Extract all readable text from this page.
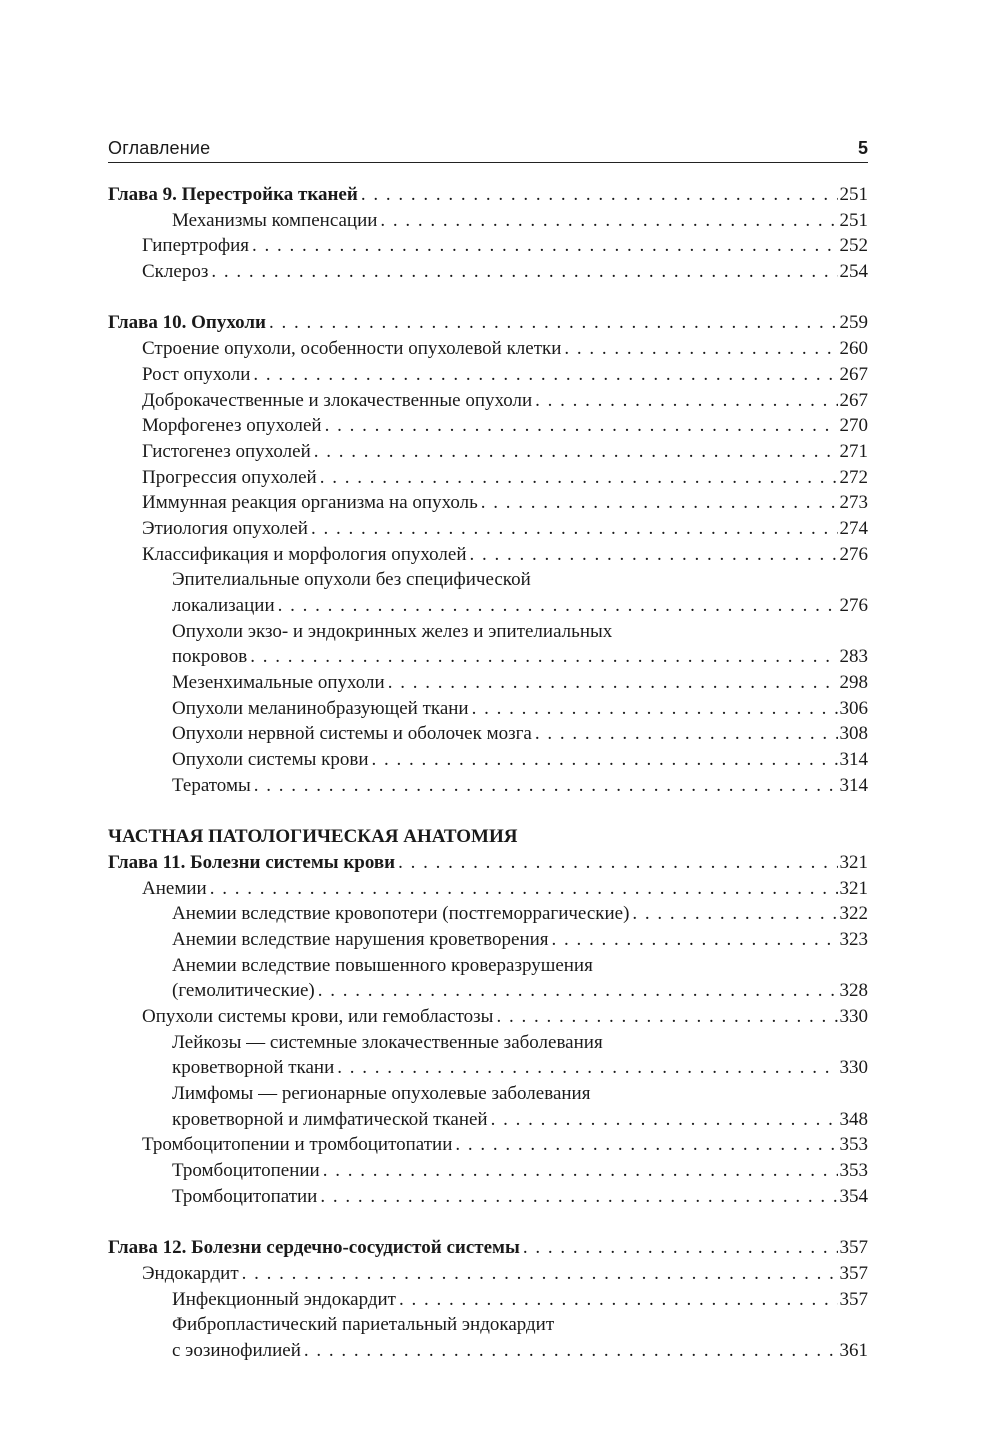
Оглавление	5
Глава 9. Перестройка тканей . . .	251
Механизмы компенсации . . .	251
Гипертрофия . . .	252
Склероз . . .	254
Глава 10. Опухоли . . .	259
Строение опухоли, особенности опухолевой клетки . . .	260
Рост опухоли . . .	267
Доброкачественные и злокачественные опухоли . . .	267
Морфогенез опухолей . . .	270
Гистогенез опухолей . . .	271
Прогрессия опухолей . . .	272
Иммунная реакция организма на опухоль . . .	273
Этиология опухолей . . .	274
Классификация и морфология опухолей . . .	276
Эпителиальные опухоли без специфической
локализации . . .	276
Опухоли экзо- и эндокринных желез и эпителиальных
покровов . . .	283
Мезенхимальные опухоли . . .	298
Опухоли меланинобразующей ткани . . .	306
Опухоли нервной системы и оболочек мозга . . .	308
Опухоли системы крови . . .	314
Тератомы . . .	314
ЧАСТНАЯ ПАТОЛОГИЧЕСКАЯ АНАТОМИЯ
Глава 11. Болезни системы крови . . .	321
Анемии . . .	321
Анемии вследствие кровопотери (постгеморрагические) . . .	322
Анемии вследствие нарушения кроветворения . . .	323
Анемии вследствие повышенного кроверазрушения
(гемолитические) . . .	328
Опухоли системы крови, или гемобластозы . . .	330
Лейкозы — системные злокачественные заболевания
кроветворной ткани . . .	330
Лимфомы — регионарные опухолевые заболевания
кроветворной и лимфатической тканей . . .	348
Тромбоцитопении и тромбоцитопатии . . .	353
Тромбоцитопении . . .	353
Тромбоцитопатии . . .	354
Глава 12. Болезни сердечно-сосудистой системы . . .	357
Эндокардит . . .	357
Инфекционный эндокардит . . .	357
Фибропластический париетальный эндокардит
с эозинофилией . . .	361
